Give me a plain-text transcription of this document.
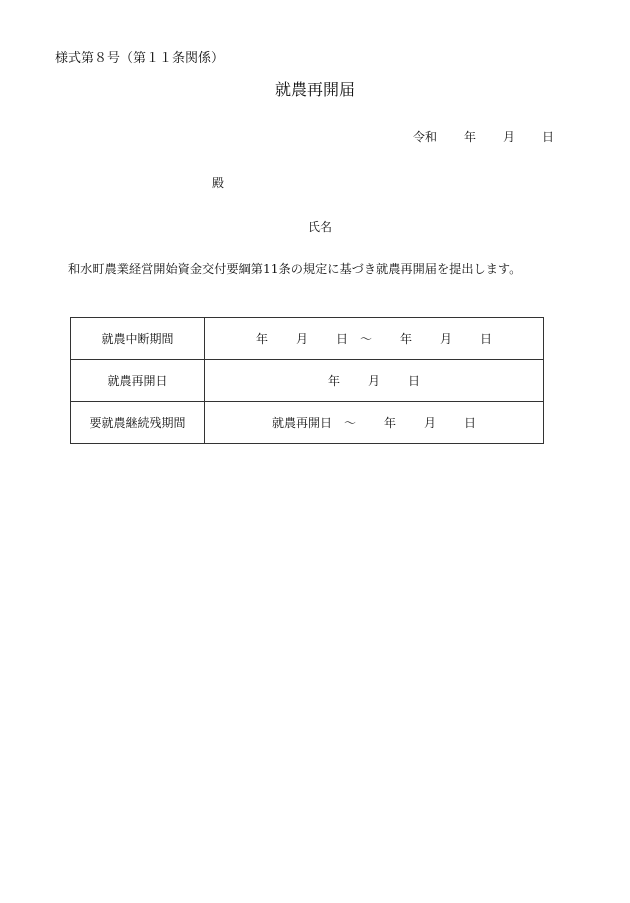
様式第８号（第１１条関係）
就農再開届
令和 年 月 日
殿
氏名
和水町農業経営開始資金交付要綱第11条の規定に基づき就農再開届を提出します。
就農中断期間	年 月 日 ～ 年 月 日
就農再開日	年 月 日
要就農継続残期間	就農再開日 ～ 年 月 日
